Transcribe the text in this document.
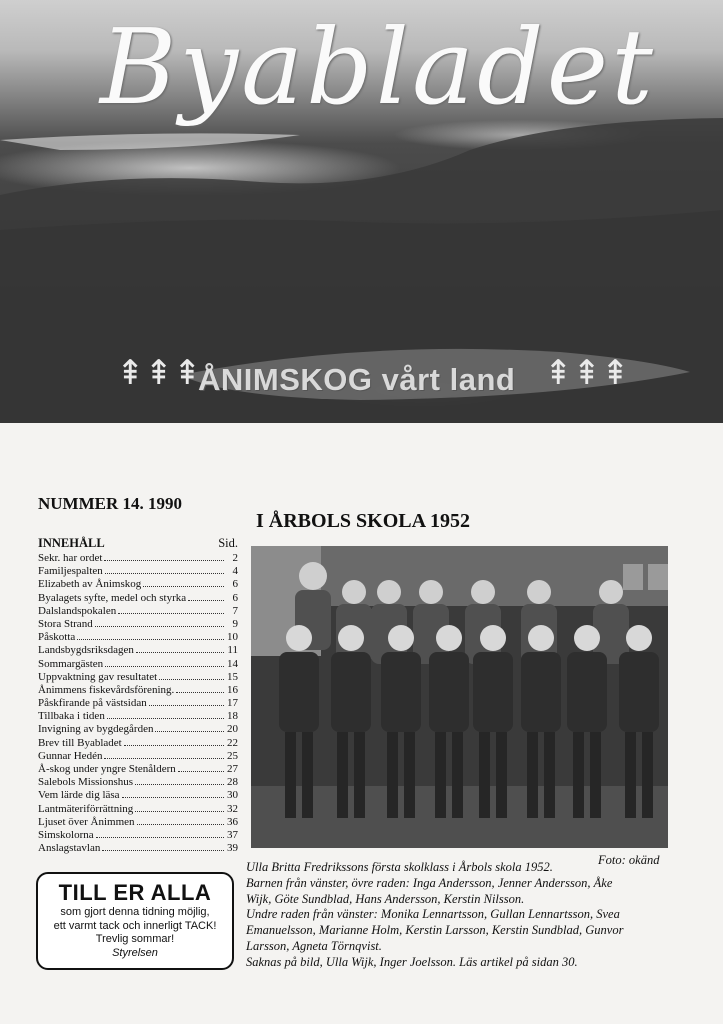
Byabladet
⇞⇞⇞
ÅNIMSKOG vårt land ⇞⇞⇞
NUMMER 14. 1990
I ÅRBOLS SKOLA 1952
INNEHÅLL	Sid.
Sekr. har ordet	2
Familjespalten	4
Elizabeth av Ånimskog	6
Byalagets syfte, medel och styrka	6
Dalslandspokalen	7
Stora Strand	9
Påskotta	10
Landsbygdsriksdagen	11
Sommargästen	14
Uppvaktning gav resultatet	15
Ånimmens fiskevårdsförening.	16
Påskfirande på västsidan	17
Tillbaka i tiden	18
Invigning av bygdegården	20
Brev till Byabladet	22
Gunnar Hedén	25
Å-skog under yngre Stenåldern	27
Salebols Missionshus	28
Vem lärde dig läsa	30
Lantmäteriförrättning	32
Ljuset över Ånimmen	36
Simskolorna	37
Anslagstavlan	39
Foto: okänd
Ulla Britta Fredrikssons första skolklass i Årbols skola 1952.
Barnen från vänster, övre raden: Inga Andersson, Jenner Andersson, Åke
Wijk, Göte Sundblad, Hans Andersson, Kerstin Nilsson.
Undre raden från vänster: Monika Lennartsson, Gullan Lennartsson, Svea
Emanuelsson, Marianne Holm, Kerstin Larsson, Kerstin Sundblad, Gunvor
Larsson, Agneta Törnqvist.
Saknas på bild, Ulla Wijk, Inger Joelsson. Läs artikel på sidan 30.
TILL ER ALLA
som gjort denna tidning möjlig,
ett varmt tack och innerligt TACK!
Trevlig sommar!
Styrelsen
